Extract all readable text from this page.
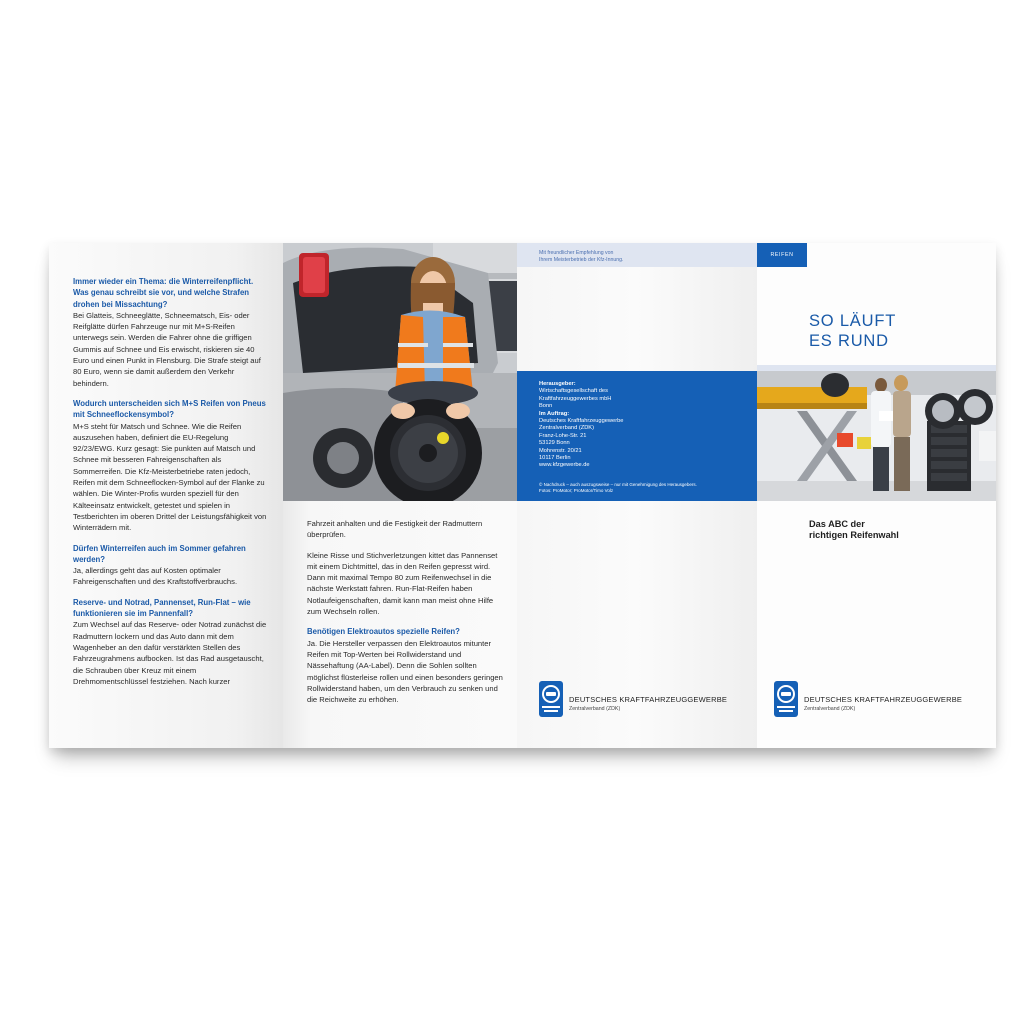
Immer wieder ein Thema: die Winterreifenpflicht. Was genau schreibt sie vor, und welche Strafen drohen bei Missachtung?
Bei Glatteis, Schneeglätte, Schneematsch, Eis- oder Reifglätte dürfen Fahrzeuge nur mit M+S-Reifen unterwegs sein. Werden die Fahrer ohne die griffigen Gummis auf Schnee und Eis erwischt, riskieren sie 40 Euro und einen Punkt in Flensburg. Die Strafe steigt auf 80 Euro, wenn sie damit außerdem den Verkehr behindern.
Wodurch unterscheiden sich M+S Reifen von Pneus mit Schneeflockensymbol?
M+S steht für Matsch und Schnee. Wie die Reifen auszusehen haben, definiert die EU-Regelung 92/23/EWG. Kurz gesagt: Sie punkten auf Matsch und Schnee mit besseren Fahreigenschaften als Sommerreifen. Die Kfz-Meisterbetriebe raten jedoch, Reifen mit dem Schneeflocken-Symbol auf der Flanke zu wählen. Die Winter-Profis wurden speziell für den Kälteeinsatz entwickelt, getestet und spielen in Testberichten im oberen Drittel der Leistungsfähigkeit von Winterrädern mit.
Dürfen Winterreifen auch im Sommer gefahren werden?
Ja, allerdings geht das auf Kosten optimaler Fahreigenschaften und des Kraftstoffverbrauchs.
Reserve- und Notrad, Pannenset, Run-Flat – wie funktionieren sie im Pannenfall?
Zum Wechsel auf das Reserve- oder Notrad zunächst die Radmuttern lockern und das Auto dann mit dem Wagenheber an den dafür verstärkten Stellen des Fahrzeugrahmens aufbocken. Ist das Rad ausgetauscht, die Schrauben über Kreuz mit einem Drehmomentschlüssel festziehen. Nach kurzer
Fahrzeit anhalten und die Festigkeit der Radmuttern überprüfen.
Kleine Risse und Stichverletzungen kittet das Pannenset mit einem Dichtmittel, das in den Reifen gepresst wird. Dann mit maximal Tempo 80 zum Reifenwechsel in die nächste Werkstatt fahren. Run-Flat-Reifen haben Notlaufeigenschaften, damit kann man meist ohne Hilfe zum Wechseln rollen.
Benötigen Elektroautos spezielle Reifen?
Ja. Die Hersteller verpassen den Elektroautos mitunter Reifen mit Top-Werten bei Rollwiderstand und Nässehaftung (AA-Label). Denn die Sohlen sollten möglichst flüsterleise rollen und einen besonders geringen Rollwiderstand haben, um den Verbrauch zu senken und die Reichweite zu erhöhen.
Mit freundlicher Empfehlung von
Ihrem Meisterbetrieb der Kfz-Innung.
Herausgeber:
Wirtschaftsgesellschaft des
Kraftfahrzeuggewerbes mbH
Bonn
Im Auftrag:
Deutsches Kraftfahrzeuggewerbe
Zentralverband (ZDK)
Franz-Lohe-Str. 21
53129 Bonn
Mohrenstr. 20/21
10117 Berlin
www.kfzgewerbe.de
© Nachdruck – auch auszugsweise – nur mit Genehmigung des Herausgebers.
Fotos: ProMotor; ProMotor/Timo Volz
DEUTSCHES KRAFTFAHRZEUGGEWERBE
Zentralverband (ZDK)
REIFEN
SO LÄUFT
ES RUND
Das ABC der
richtigen Reifenwahl
DEUTSCHES KRAFTFAHRZEUGGEWERBE
Zentralverband (ZDK)
